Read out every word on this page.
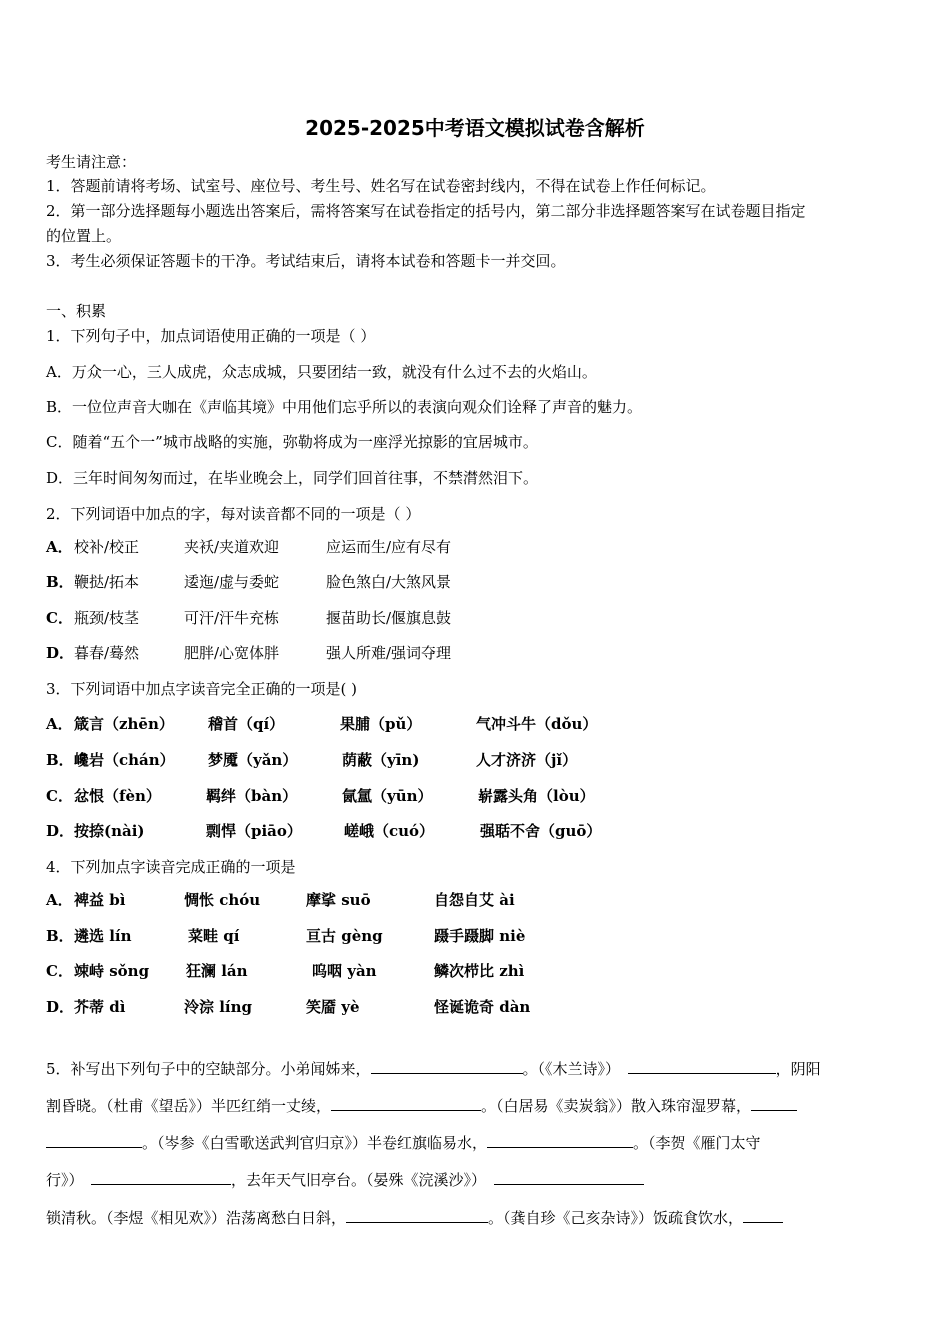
2025-2025中考语文模拟试卷含解析
考生请注意：
1．答题前请将考场、试室号、座位号、考生号、姓名写在试卷密封线内，不得在试卷上作任何标记。
2．第一部分选择题每小题选出答案后，需将答案写在试卷指定的括号内，第二部分非选择题答案写在试卷题目指定
的位置上。
3．考生必须保证答题卡的干净。考试结束后，请将本试卷和答题卡一并交回。
一、积累
1．下列句子中，加点词语使用正确的一项是（ ）
A．万众一心，三人成虎，众志成城，只要团结一致，就没有什么过不去的火焰山。
B．一位位声音大咖在《声临其境》中用他们忘乎所以的表演向观众们诠释了声音的魅力。
C．随着“五个一”城市战略的实施，弥勒将成为一座浮光掠影的宜居城市。
D．三年时间匆匆而过，在毕业晚会上，同学们回首往事，不禁潸然泪下。
2．下列词语中加点的字，每对读音都不同的一项是（ ）
A． 校补/校正	夹袄/夹道欢迎	应运而生/应有尽有
B． 鞭挞/拓本	逶迤/虚与委蛇	脸色煞白/大煞风景
C． 瓶颈/枝茎	可汗/汗牛充栋	揠苗助长/偃旗息鼓
D． 暮春/蓦然	肥胖/心宽体胖	强人所难/强词夺理
3．下列词语中加点字读音完全正确的一项是( )
A． 箴言（zhēn） 稽首（qí）	果脯（pǔ）	气冲斗牛（dǒu）
B． 巉岩（chán） 梦魇（yǎn）	荫蔽（yīn)	人才济济（jǐ）
C． 忿恨（fèn）	羁绊（bàn）	氤氲（yūn）	崭露头角（lòu）
D． 按捺(nài)	剽悍（piāo）	嵯峨（cuó）	强聒不舍（guō）
4．下列加点字读音完成正确的一项是
A． 裨益 bì	惆怅 chóu	摩挲 suō	自怨自艾 ài
B． 遴选 lín	菜畦 qí	亘古 gèng	蹑手蹑脚 niè
C． 竦峙 sǒng 狂澜 lán	呜咽 yàn	鳞次栉比 zhì
D． 芥蒂 dì	泠淙 líng	笑靥 yè	怪诞诡奇 dàn
5．补写出下列句子中的空缺部分。小弟闻姊来，	。（《木兰诗》）　	，阴阳
割昏晓。（杜甫《望岳》）半匹红绡一丈绫，	。（白居易《卖炭翁》）散入珠帘湿罗幕，
。（岑参《白雪歌送武判官归京》）半卷红旗临易水，	。（李贺《雁门太守
行》）　	，去年天气旧亭台。（晏殊《浣溪沙》）　
锁清秋。（李煜《相见欢》）浩荡离愁白日斜，	。（龚自珍《己亥杂诗》）饭疏食饮水，
